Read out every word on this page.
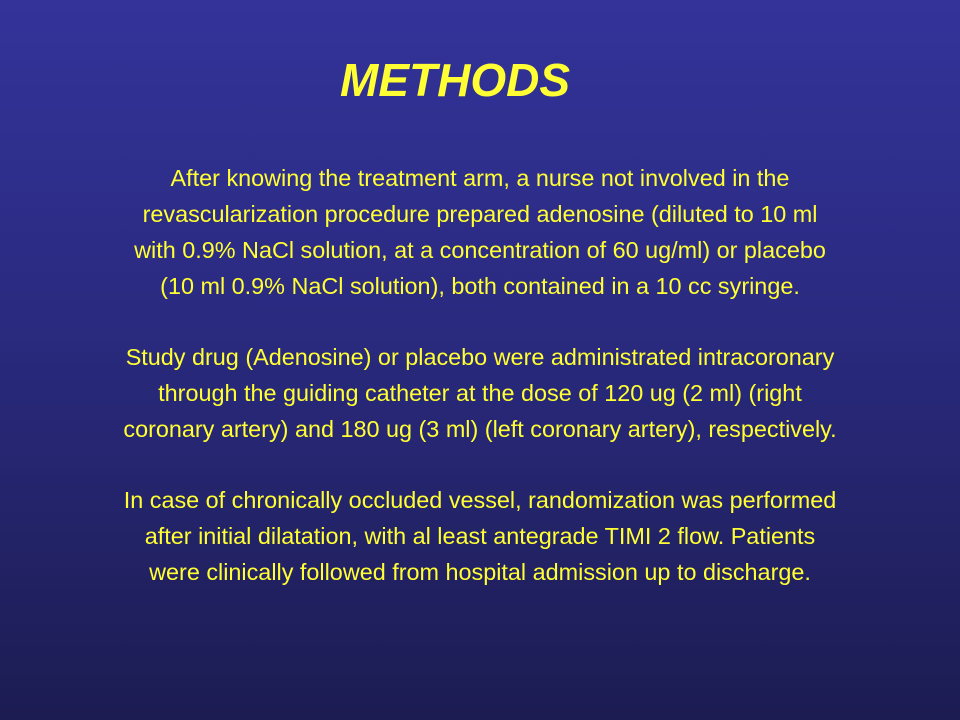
METHODS

After knowing the treatment arm, a nurse not involved in the
revascularization procedure prepared adenosine (diluted to 10 ml
with 0.9% NaCl solution, at a concentration of 60 ug/ml) or placebo
(10 ml 0.9% NaCl solution), both contained in a 10 cc syringe.

Study drug (Adenosine) or placebo were administrated intracoronary
through the guiding catheter at the dose of 120 ug (2 ml) (right
coronary artery) and 180 ug (3 ml) (left coronary artery), respectively.

In case of chronically occluded vessel, randomization was performed
after initial dilatation, with al least antegrade TIMI 2 flow. Patients
were clinically followed from hospital admission up to discharge.
